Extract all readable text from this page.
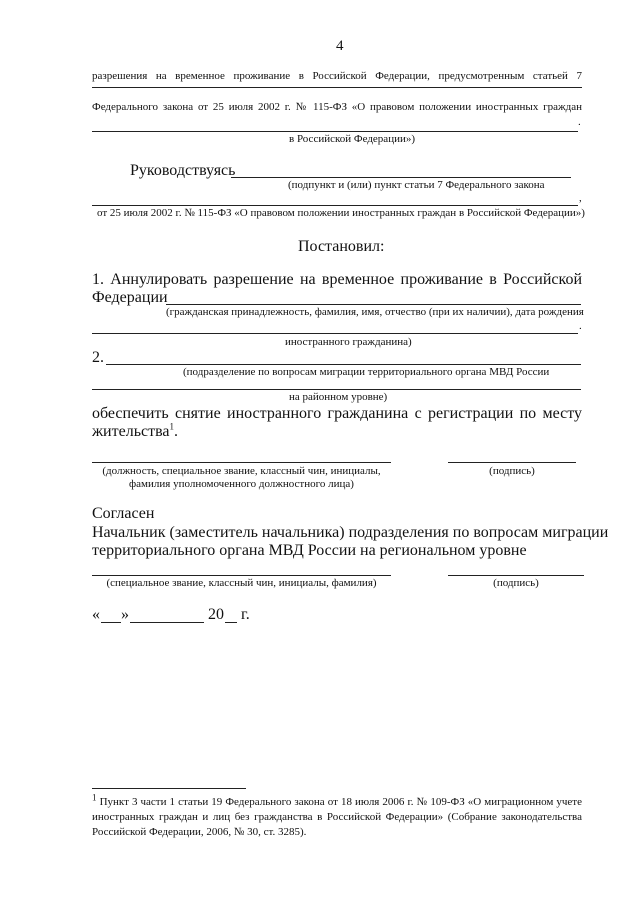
4
разрешения на временное проживание в Российской Федерации, предусмотренным статьей 7
Федерального закона от 25 июля 2002 г. № 115-ФЗ «О правовом положении иностранных граждан
.
в Российской Федерации»)
Руководствуясь
(подпункт и (или) пункт статьи 7 Федерального закона
,
от 25 июля 2002 г. № 115-ФЗ «О правовом положении иностранных граждан в Российской Федерации»)
Постановил:
1. Аннулировать разрешение на временное проживание в Российской
Федерации
(гражданская принадлежность, фамилия, имя, отчество (при их наличии), дата рождения
.
иностранного гражданина)
2.
(подразделение по вопросам миграции территориального органа МВД России
на районном уровне)
обеспечить снятие иностранного гражданина с регистрации по месту
жительства$^1$.
(должность, специальное звание, классный чин, инициалы,
фамилия уполномоченного должностного лица)
(подпись)
Согласен
Начальник (заместитель начальника) подразделения по вопросам миграции
территориального органа МВД России на региональном уровне
(специальное звание, классный чин, инициалы, фамилия)	(подпись)
« »	20 г.
$^1$ Пункт 3 части 1 статьи 19 Федерального закона от 18 июля 2006 г. № 109-ФЗ «О миграционном учете иностранных граждан и лиц без гражданства в Российской Федерации» (Собрание законодательства Российской Федерации, 2006, № 30, ст. 3285).
